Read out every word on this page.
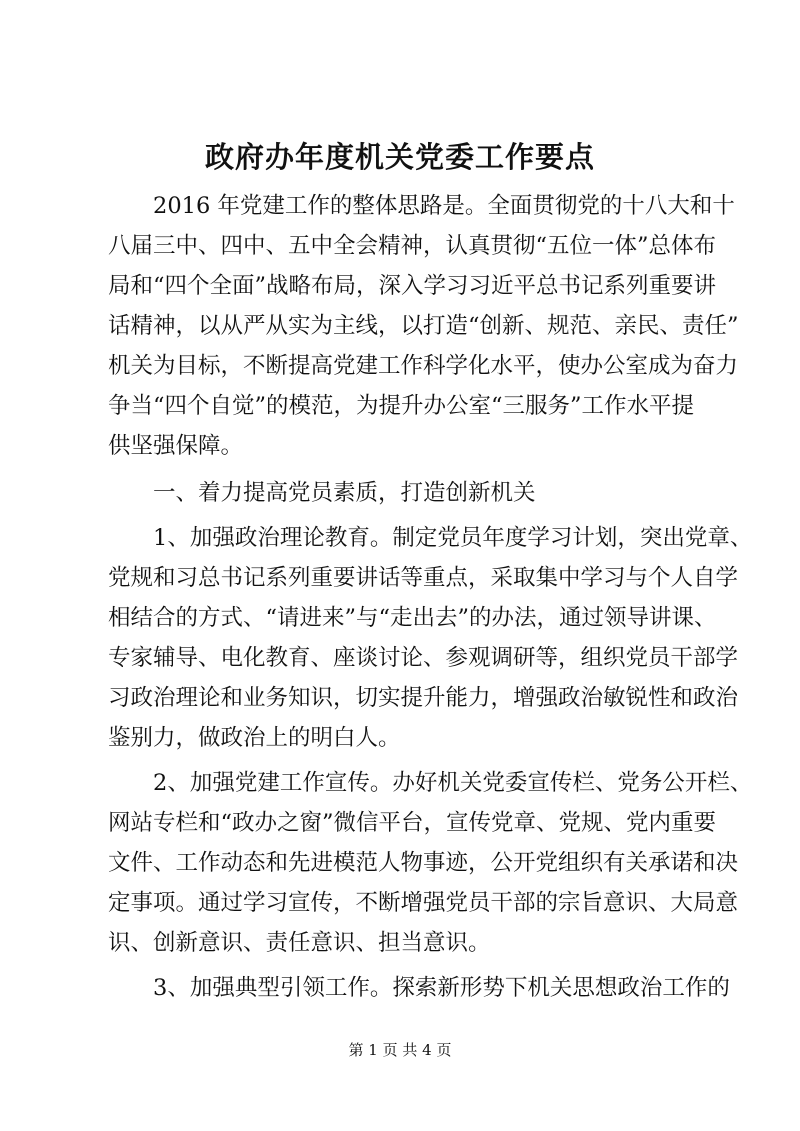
政府办年度机关党委工作要点
　　2016 年党建工作的整体思路是。全面贯彻党的十八大和十
八届三中、四中、五中全会精神，认真贯彻“五位一体”总体布
局和“四个全面”战略布局，深入学习习近平总书记系列重要讲
话精神，以从严从实为主线，以打造“创新、规范、亲民、责任”
机关为目标，不断提高党建工作科学化水平，使办公室成为奋力
争当“四个自觉”的模范，为提升办公室“三服务”工作水平提
供坚强保障。
　　一、着力提高党员素质，打造创新机关
　　1、加强政治理论教育。制定党员年度学习计划，突出党章、
党规和习总书记系列重要讲话等重点，采取集中学习与个人自学
相结合的方式、“请进来”与“走出去”的办法，通过领导讲课、
专家辅导、电化教育、座谈讨论、参观调研等，组织党员干部学
习政治理论和业务知识，切实提升能力，增强政治敏锐性和政治
鉴别力，做政治上的明白人。
　　2、加强党建工作宣传。办好机关党委宣传栏、党务公开栏、
网站专栏和“政办之窗”微信平台，宣传党章、党规、党内重要
文件、工作动态和先进模范人物事迹，公开党组织有关承诺和决
定事项。通过学习宣传，不断增强党员干部的宗旨意识、大局意
识、创新意识、责任意识、担当意识。
　　3、加强典型引领工作。探索新形势下机关思想政治工作的
第 1 页 共 4 页
